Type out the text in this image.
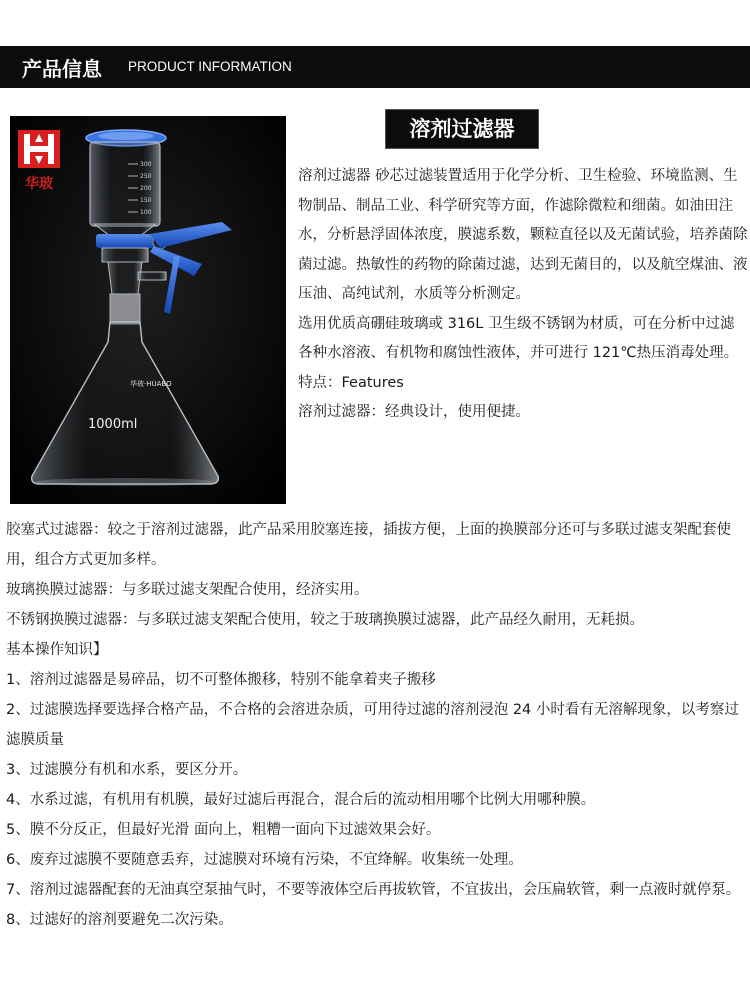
产品信息 PRODUCT INFORMATION
华玻
300
250
200
150
100
华玻·HUABO
1000ml
溶剂过滤器

溶剂过滤器 砂芯过滤装置适用于化学分析、卫生检验、环境监测、生物制品、制品工业、科学研究等方面，作滤除微粒和细菌。如油田注水，分析悬浮固体浓度，膜滤系数，颗粒直径以及无菌试验，培养菌除菌过滤。热敏性的药物的除菌过滤，达到无菌目的，以及航空煤油、液压油、高纯试剂，水质等分析测定。

选用优质高硼硅玻璃或 316L 卫生级不锈钢为材质，可在分析中过滤各种水溶液、有机物和腐蚀性液体，并可进行 121℃热压消毒处理。

特点：Features

溶剂过滤器：经典设计，使用便捷。

胶塞式过滤器：较之于溶剂过滤器，此产品采用胶塞连接，插拔方便，上面的换膜部分还可与多联过滤支架配套使用，组合方式更加多样。

玻璃换膜过滤器：与多联过滤支架配合使用，经济实用。

不锈钢换膜过滤器：与多联过滤支架配合使用，较之于玻璃换膜过滤器，此产品经久耐用，无耗损。

基本操作知识】

1、溶剂过滤器是易碎品，切不可整体搬移，特别不能拿着夹子搬移

2、过滤膜选择要选择合格产品，不合格的会溶进杂质，可用待过滤的溶剂浸泡 24 小时看有无溶解现象，以考察过滤膜质量

3、过滤膜分有机和水系，要区分开。

4、水系过滤，有机用有机膜，最好过滤后再混合，混合后的流动相用哪个比例大用哪种膜。

5、膜不分反正，但最好光滑 面向上，粗糟一面向下过滤效果会好。

6、废弃过滤膜不要随意丢弃，过滤膜对环境有污染，不宜绛解。收集统一处理。

7、溶剂过滤器配套的无油真空泵抽气时，不要等液体空后再拔软管，不宜拔出，会压扁软管，剩一点液时就停泵。

8、过滤好的溶剂要避免二次污染。
